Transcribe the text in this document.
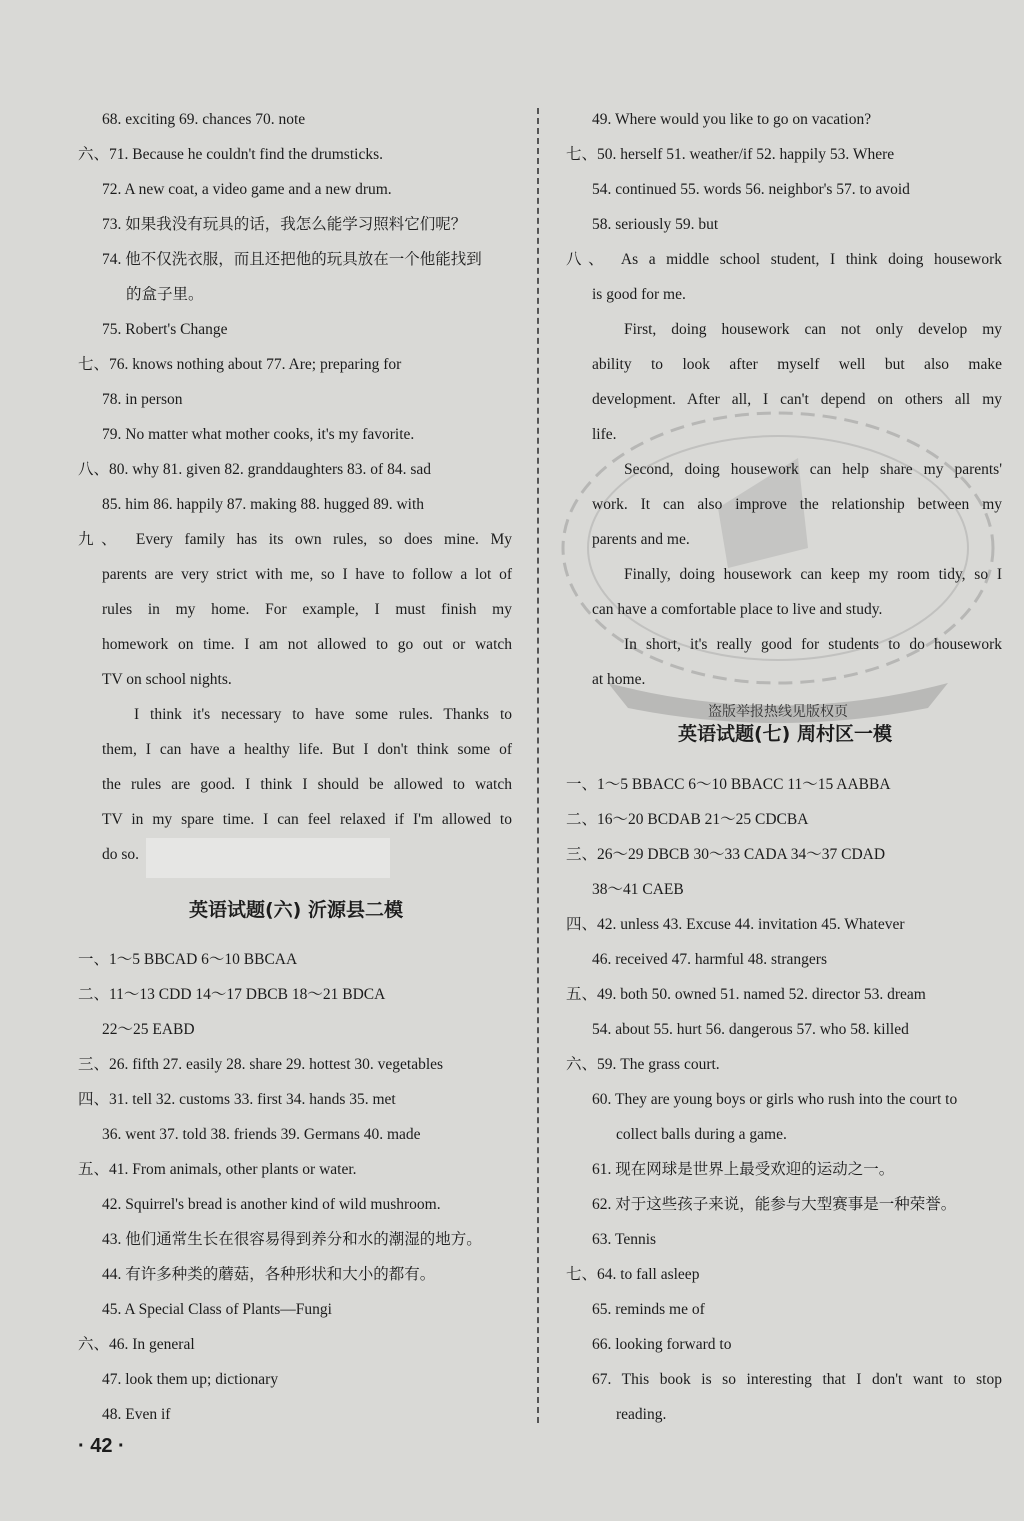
68. exciting 69. chances 70. note
六、71. Because he couldn't find the drumsticks.
72. A new coat, a video game and a new drum.
73. 如果我没有玩具的话，我怎么能学习照料它们呢？
74. 他不仅洗衣服，而且还把他的玩具放在一个他能找到
的盒子里。
75. Robert's Change
七、76. knows nothing about 77. Are; preparing for
78. in person
79. No matter what mother cooks, it's my favorite.
八、80. why 81. given 82. granddaughters 83. of 84. sad
85. him 86. happily 87. making 88. hugged 89. with
九、 Every family has its own rules, so does mine. My
parents are very strict with me, so I have to follow a lot of
rules in my home. For example, I must finish my
homework on time. I am not allowed to go out or watch
TV on school nights.
I think it's necessary to have some rules. Thanks to
them, I can have a healthy life. But I don't think some of
the rules are good. I think I should be allowed to watch
TV in my spare time. I can feel relaxed if I'm allowed to
do so.
英语试题(六) 沂源县二模
一、1～5 BBCAD 6～10 BBCAA
二、11～13 CDD 14～17 DBCB 18～21 BDCA
22～25 EABD
三、26. fifth 27. easily 28. share 29. hottest 30. vegetables
四、31. tell 32. customs 33. first 34. hands 35. met
36. went 37. told 38. friends 39. Germans 40. made
五、41. From animals, other plants or water.
42. Squirrel's bread is another kind of wild mushroom.
43. 他们通常生长在很容易得到养分和水的潮湿的地方。
44. 有许多种类的蘑菇，各种形状和大小的都有。
45. A Special Class of Plants—Fungi
六、46. In general
47. look them up; dictionary
48. Even if
盗版举报热线见版权页
49. Where would you like to go on vacation?
七、50. herself 51. weather/if 52. happily 53. Where
54. continued 55. words 56. neighbor's 57. to avoid
58. seriously 59. but
八、 As a middle school student, I think doing housework
is good for me.
First, doing housework can not only develop my
ability to look after myself well but also make
development. After all, I can't depend on others all my
life.
Second, doing housework can help share my parents'
work. It can also improve the relationship between my
parents and me.
Finally, doing housework can keep my room tidy, so I
can have a comfortable place to live and study.
In short, it's really good for students to do housework
at home.
英语试题(七) 周村区一模
一、1～5 BBACC 6～10 BBACC 11～15 AABBA
二、16～20 BCDAB 21～25 CDCBA
三、26～29 DBCB 30～33 CADA 34～37 CDAD
38～41 CAEB
四、42. unless 43. Excuse 44. invitation 45. Whatever
46. received 47. harmful 48. strangers
五、49. both 50. owned 51. named 52. director 53. dream
54. about 55. hurt 56. dangerous 57. who 58. killed
六、59. The grass court.
60. They are young boys or girls who rush into the court to
collect balls during a game.
61. 现在网球是世界上最受欢迎的运动之一。
62. 对于这些孩子来说，能参与大型赛事是一种荣誉。
63. Tennis
七、64. to fall asleep
65. reminds me of
66. looking forward to
67. This book is so interesting that I don't want to stop
reading.
· 42 ·
